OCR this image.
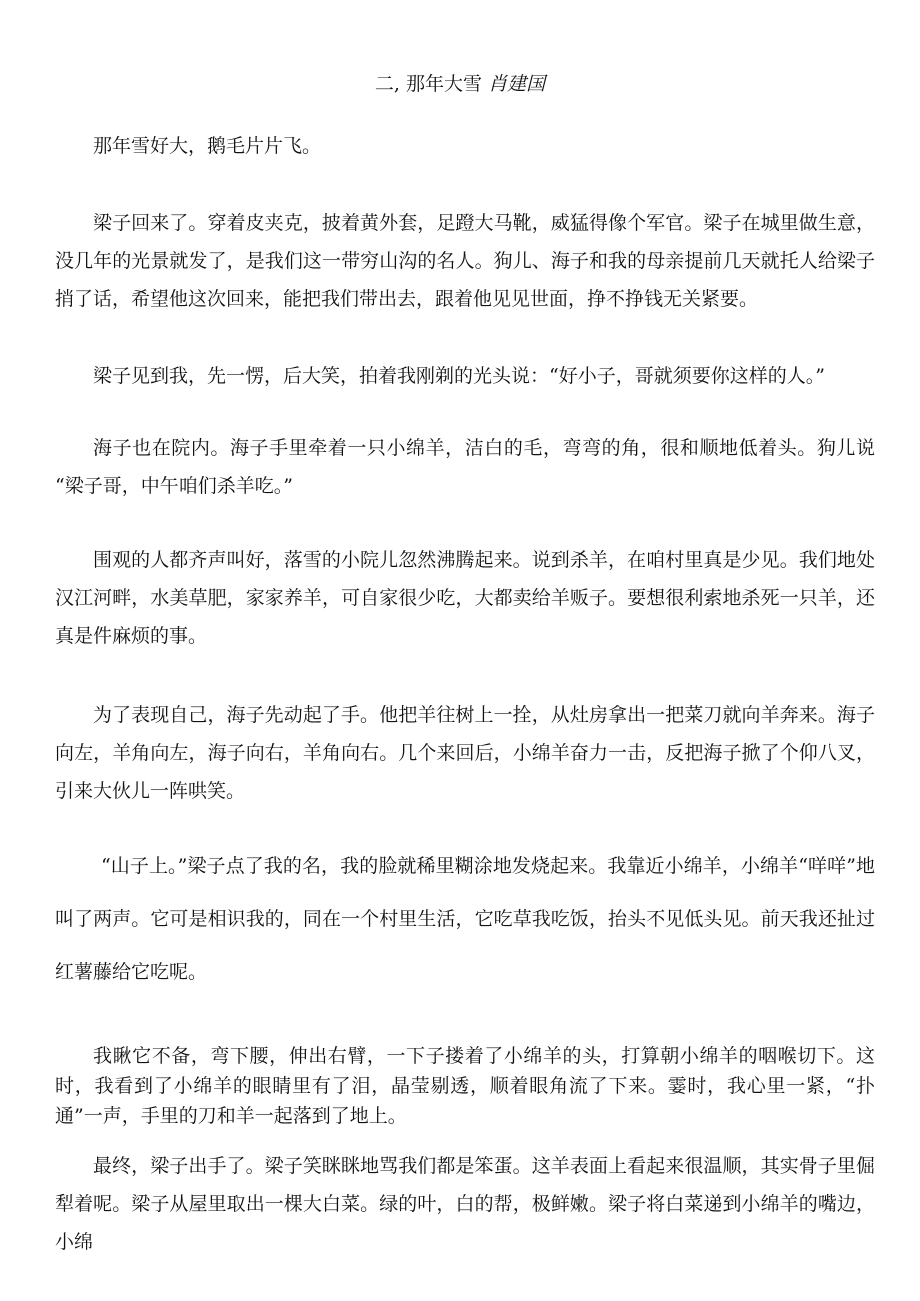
二, 那年大雪 肖建国

那年雪好大，鹅毛片片飞。

梁子回来了。穿着皮夹克，披着黄外套，足蹬大马靴，威猛得像个军官。梁子在城里做生意，没几年的光景就发了，是我们这一带穷山沟的名人。狗儿、海子和我的母亲提前几天就托人给梁子捎了话，希望他这次回来，能把我们带出去，跟着他见见世面，挣不挣钱无关紧要。

梁子见到我，先一愣，后大笑，拍着我刚剃的光头说：“好小子，哥就须要你这样的人。”

海子也在院内。海子手里牵着一只小绵羊，洁白的毛，弯弯的角，很和顺地低着头。狗儿说 “梁子哥，中午咱们杀羊吃。”

围观的人都齐声叫好，落雪的小院儿忽然沸腾起来。说到杀羊，在咱村里真是少见。我们地处汉江河畔，水美草肥，家家养羊，可自家很少吃，大都卖给羊贩子。要想很利索地杀死一只羊，还真是件麻烦的事。

为了表现自己，海子先动起了手。他把羊往树上一拴，从灶房拿出一把菜刀就向羊奔来。海子向左，羊角向左，海子向右，羊角向右。几个来回后，小绵羊奋力一击，反把海子掀了个仰八叉，引来大伙儿一阵哄笑。

“山子上。”梁子点了我的名，我的脸就稀里糊涂地发烧起来。我靠近小绵羊，小绵羊“咩咩”地叫了两声。它可是相识我的，同在一个村里生活，它吃草我吃饭，抬头不见低头见。前天我还扯过红薯藤给它吃呢。

我瞅它不备，弯下腰，伸出右臂，一下子搂着了小绵羊的头，打算朝小绵羊的咽喉切下。这时，我看到了小绵羊的眼睛里有了泪，晶莹剔透，顺着眼角流了下来。霎时，我心里一紧，“扑通”一声，手里的刀和羊一起落到了地上。

最终，梁子出手了。梁子笑眯眯地骂我们都是笨蛋。这羊表面上看起来很温顺，其实骨子里倔犁着呢。梁子从屋里取出一棵大白菜。绿的叶，白的帮，极鲜嫩。梁子将白菜递到小绵羊的嘴边，小绵
